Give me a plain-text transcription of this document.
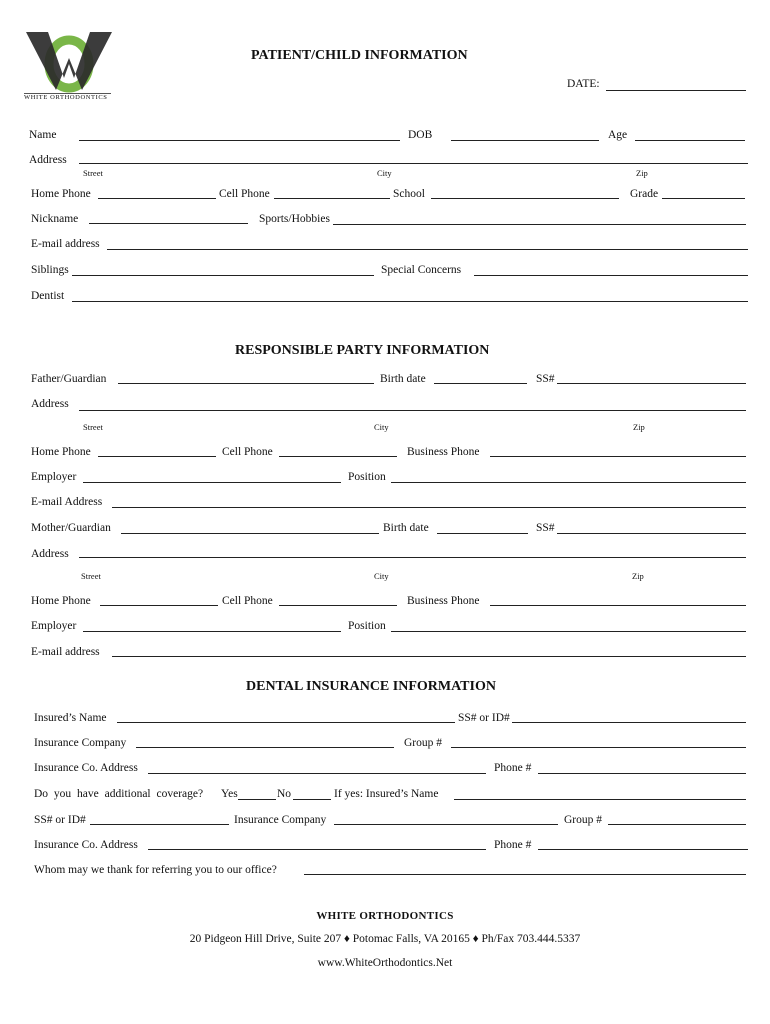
WHITE ORTHODONTICS
PATIENT/CHILD INFORMATION
DATE:
Name	DOB	Age
Address
Street	City	Zip
Home Phone	Cell Phone	School	Grade
Nickname	Sports/Hobbies
E-mail address
Siblings	Special Concerns
Dentist
RESPONSIBLE PARTY INFORMATION
Father/Guardian	Birth date	SS#
Address
Street	City	Zip
Home Phone	Cell Phone	Business Phone
Employer	Position
E-mail Address
Mother/Guardian	Birth date	SS#
Address
Street	City	Zip
Home Phone	Cell Phone	Business Phone
Employer	Position
E-mail address
DENTAL INSURANCE INFORMATION
Insured’s Name	SS# or ID#
Insurance Company	Group #
Insurance Co. Address	Phone #
Do you have additional coverage? Yes	No	If yes: Insured’s Name
SS# or ID#	Insurance Company	Group #
Insurance Co. Address	Phone #
Whom may we thank for referring you to our office?
WHITE ORTHODONTICS
20 Pidgeon Hill Drive, Suite 207 ♦ Potomac Falls, VA 20165 ♦ Ph/Fax 703.444.5337
www.WhiteOrthodontics.Net
